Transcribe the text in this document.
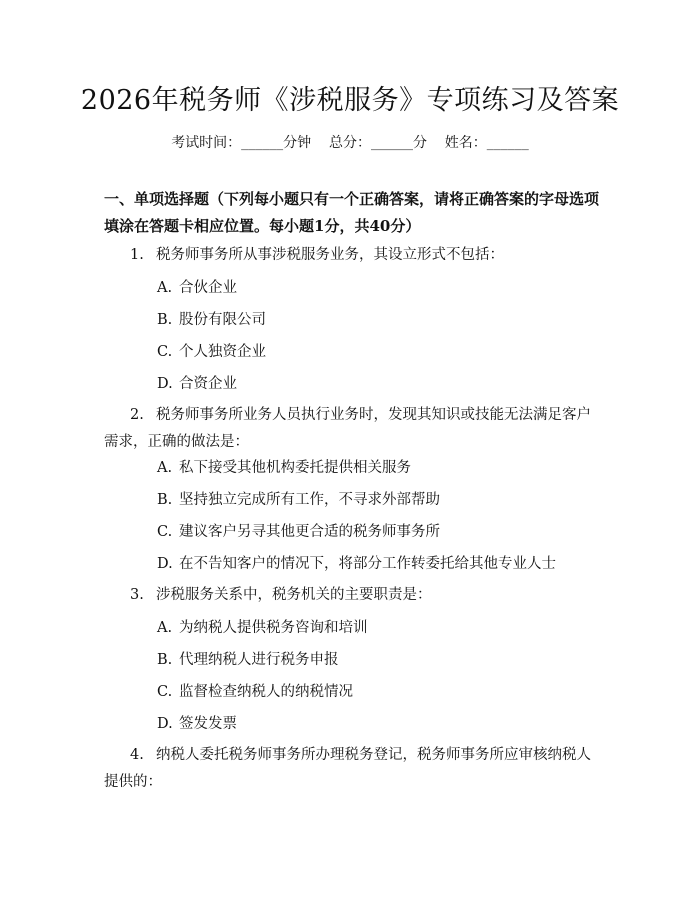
2026年税务师《涉税服务》专项练习及答案
考试时间：______分钟    总分：______分    姓名：______
一、单项选择题（下列每小题只有一个正确答案，请将正确答案的字母选项填涂在答题卡相应位置。每小题1分，共40分）
1. 税务师事务所从事涉税服务业务，其设立形式不包括：
A. 合伙企业
B. 股份有限公司
C. 个人独资企业
D. 合资企业
2. 税务师事务所业务人员执行业务时，发现其知识或技能无法满足客户需求，正确的做法是：
A. 私下接受其他机构委托提供相关服务
B. 坚持独立完成所有工作，不寻求外部帮助
C. 建议客户另寻其他更合适的税务师事务所
D. 在不告知客户的情况下，将部分工作转委托给其他专业人士
3. 涉税服务关系中，税务机关的主要职责是：
A. 为纳税人提供税务咨询和培训
B. 代理纳税人进行税务申报
C. 监督检查纳税人的纳税情况
D. 签发发票
4. 纳税人委托税务师事务所办理税务登记，税务师事务所应审核纳税人提供的：
